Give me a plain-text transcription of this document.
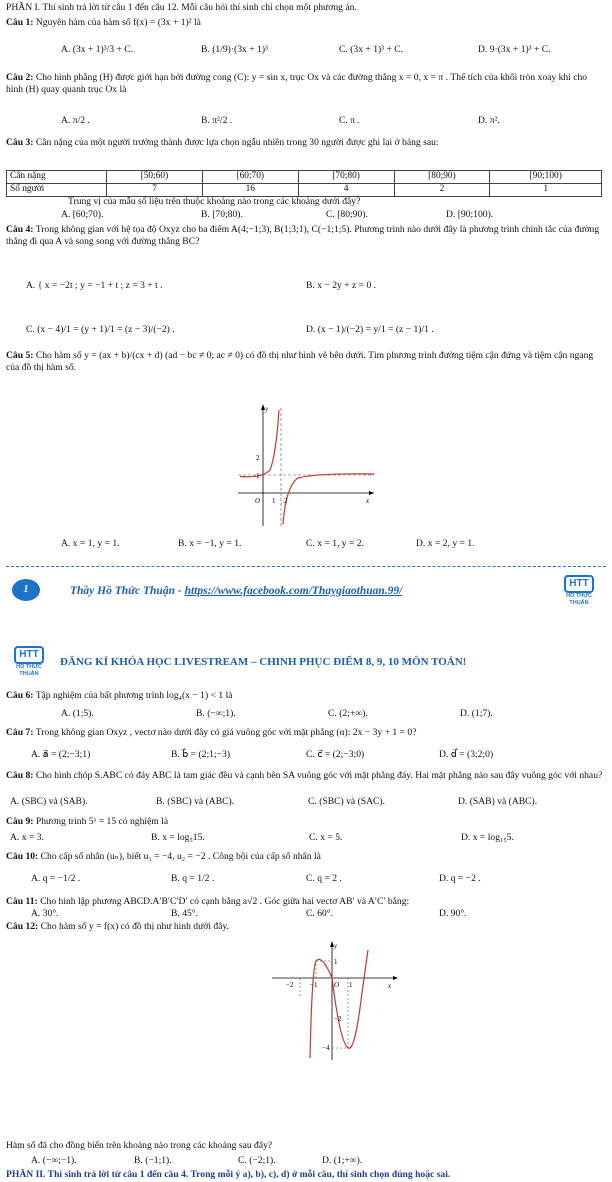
PHẦN I. Thí sinh trả lời từ câu 1 đến câu 12. Mỗi câu hỏi thí sinh chỉ chọn một phương án.
Câu 1: Nguyên hàm của hàm số f(x) = (3x + 1)² là
A. (3x + 1)³/3 + C.	B. (1/9)·(3x + 1)³	C. (3x + 1)³ + C.	D. 9·(3x + 1)³ + C.
Câu 2: Cho hình phẳng (H) được giới hạn bởi đường cong (C): y = sin x, trục Ox và các đường thẳng x = 0, x = π . Thể tích của khối tròn xoay khi cho hình (H) quay quanh trục Ox là
A. π/2 .	B. π²/2 .	C. π .	D. π².
Câu 3: Cân nặng của một người trưởng thành được lựa chọn ngẫu nhiên trong 30 người được ghi lại ở bảng sau:
Cân nặng	[50;60)	[60;70)	[70;80)	[80;90)	[90;100)
Số người	7	16	4	2	1
Trung vị của mẫu số liệu trên thuộc khoảng nào trong các khoảng dưới đây?
A. [60;70).	B. [70;80).	C. [80;90).	D. [90;100).
Câu 4: Trong không gian với hệ tọa độ Oxyz cho ba điểm A(4;−1;3), B(1;3;1), C(−1;1;5). Phương trình nào dưới đây là phương trình chính tắc của đường thẳng đi qua A và song song với đường thẳng BC?
A. { x = −2t ; y = −1 + t ; z = 3 + t .	B. x − 2y + z = 0 .
C. (x − 4)/1 = (y + 1)/1 = (z − 3)/(−2) .	D. (x − 1)/(−2) = y/1 = (z − 1)/1 .
Câu 5: Cho hàm số y = (ax + b)/(cx + d) (ad − bc ≠ 0; ac ≠ 0) có đồ thị như hình vẽ bên dưới. Tìm phương trình đường tiệm cận đứng và tiệm cận ngang của đồ thị hàm số.
y
x
O
2
1
1 2
A. x = 1, y = 1.	B. x = −1, y = 1.	C. x = 1, y = 2.	D. x = 2, y = 1.
1	Thầy Hồ Thức Thuận - https://www.facebook.com/Thaygiaothuan.99/
HTT
HỒ THỨC THUẬN
HTT
HỒ THỨC THUẬN
ĐĂNG KÍ KHÓA HỌC LIVESTREAM – CHINH PHỤC ĐIỂM 8, 9, 10 MÔN TOÁN!
Câu 6: Tập nghiệm của bất phương trình log₄(x − 1) < 1 là
A. (1;5).	B. (−∞;1).	C. (2;+∞).	D. (1;7).
Câu 7: Trong không gian Oxyz , vectơ nào dưới đây có giá vuông góc với mặt phẳng (α): 2x − 3y + 1 = 0?
A. a⃗ = (2;−3;1)	B. b⃗ = (2;1;−3)	C. c⃗ = (2;−3;0)	D. d⃗ = (3;2;0)
Câu 8: Cho hình chóp S.ABC có đáy ABC là tam giác đều và cạnh bên SA vuông góc với mặt phẳng đáy. Hai mặt phẳng nào sau đây vuông góc với nhau?
A. (SBC) và (SAB).	B. (SBC) và (ABC).	C. (SBC) và (SAC).	D. (SAB) và (ABC).
Câu 9: Phương trình 5ˣ = 15 có nghiệm là
A. x = 3.	B. x = log₅15.	C. x = 5.	D. x = log₁₅5.
Câu 10: Cho cấp số nhân (uₙ), biết u₁ = −4, u₂ = −2 . Công bội của cấp số nhân là
A. q = −1/2 .	B. q = 1/2 .	C. q = 2 .	D. q = −2 .
Câu 11: Cho hình lập phương ABCD.A′B′C′D′ có cạnh bằng a√2 . Góc giữa hai vectơ AB′ và A′C′ bằng:
A. 30°.	B. 45°.	C. 60°.	D. 90°.
Câu 12: Cho hàm số y = f(x) có đồ thị như hình dưới đây.
y
x
O
1
−2 −1	1
−2
−4
Hàm số đã cho đồng biến trên khoảng nào trong các khoảng sau đây?
A. (−∞;−1).	B. (−1;1).	C. (−2;1).	D. (1;+∞).
PHẦN II. Thí sinh trả lời từ câu 1 đến câu 4. Trong mỗi ý a), b), c), d) ở mỗi câu, thí sinh chọn đúng hoặc sai.
